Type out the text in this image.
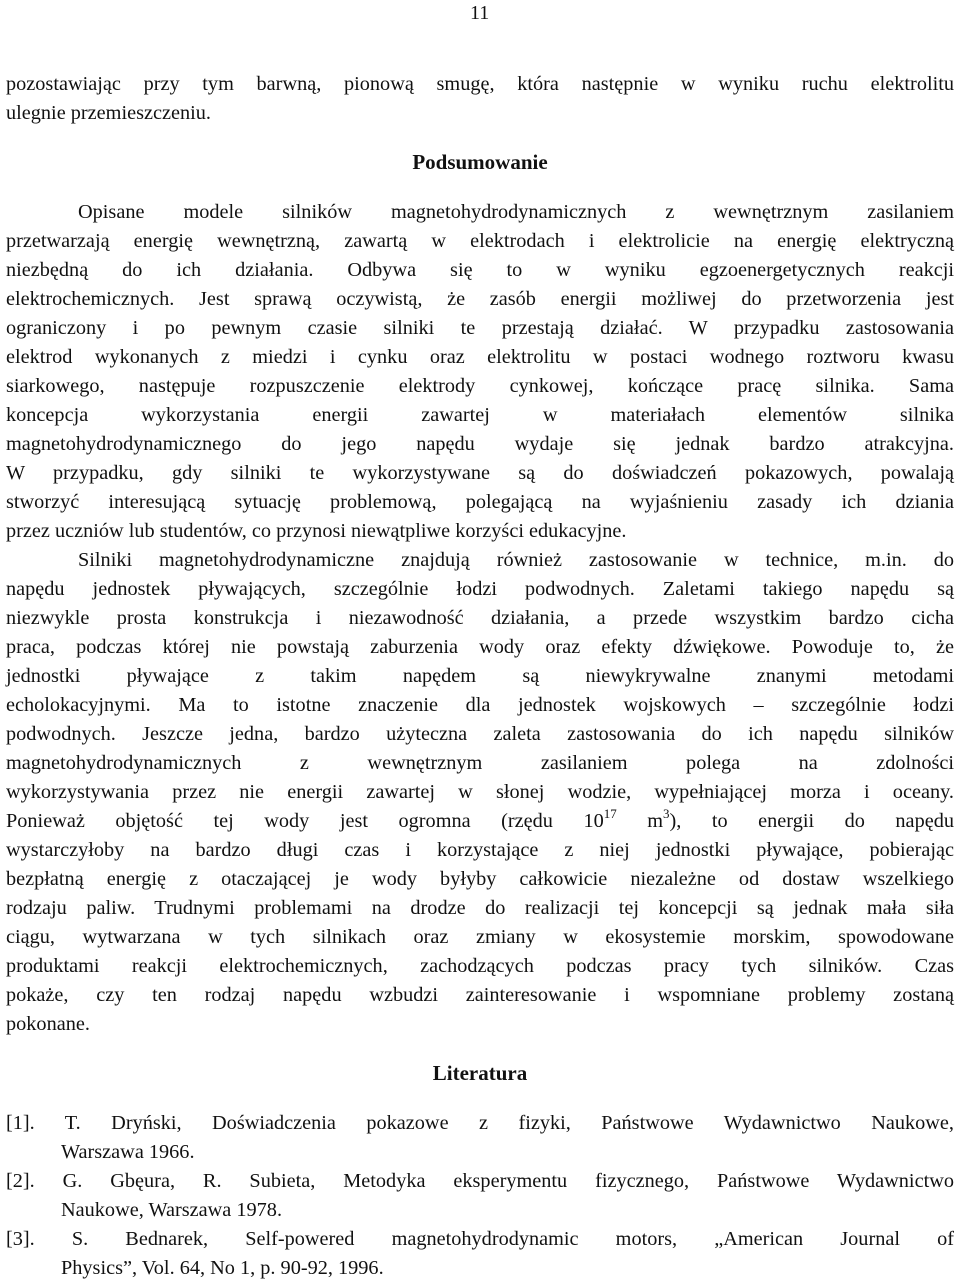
11
pozostawiając przy tym barwną, pionową smugę, która następnie w wyniku ruchu elektrolitu
ulegnie przemieszczeniu.
Podsumowanie
Opisane modele silników magnetohydrodynamicznych z wewnętrznym zasilaniem
przetwarzają energię wewnętrzną, zawartą w elektrodach i elektrolicie na energię elektryczną
niezbędną do ich działania. Odbywa się to w wyniku egzoenergetycznych reakcji
elektrochemicznych. Jest sprawą oczywistą, że zasób energii możliwej do przetworzenia jest
ograniczony i po pewnym czasie silniki te przestają działać. W przypadku zastosowania
elektrod wykonanych z miedzi i cynku oraz elektrolitu w postaci wodnego roztworu kwasu
siarkowego, następuje rozpuszczenie elektrody cynkowej, kończące pracę silnika. Sama
koncepcja wykorzystania energii zawartej w materiałach elementów silnika
magnetohydrodynamicznego do jego napędu wydaje się jednak bardzo atrakcyjna.
W przypadku, gdy silniki te wykorzystywane są do doświadczeń pokazowych, powalają
stworzyć interesującą sytuację problemową, polegającą na wyjaśnieniu zasady ich dziania
przez uczniów lub studentów, co przynosi niewątpliwe korzyści edukacyjne.
Silniki magnetohydrodynamiczne znajdują również zastosowanie w technice, m.in. do
napędu jednostek pływających, szczególnie łodzi podwodnych. Zaletami takiego napędu są
niezwykle prosta konstrukcja i niezawodność działania, a przede wszystkim bardzo cicha
praca, podczas której nie powstają zaburzenia wody oraz efekty dźwiękowe. Powoduje to, że
jednostki pływające z takim napędem są niewykrywalne znanymi metodami
echolokacyjnymi. Ma to istotne znaczenie dla jednostek wojskowych – szczególnie łodzi
podwodnych. Jeszcze jedna, bardzo użyteczna zaleta zastosowania do ich napędu silników
magnetohydrodynamicznych z wewnętrznym zasilaniem polega na zdolności
wykorzystywania przez nie energii zawartej w słonej wodzie, wypełniającej morza i oceany.
Ponieważ objętość tej wody jest ogromna (rzędu $10^{17}$ $m^3$), to energii do napędu
wystarczyłoby na bardzo długi czas i korzystające z niej jednostki pływające, pobierając
bezpłatną energię z otaczającej je wody byłyby całkowicie niezależne od dostaw wszelkiego
rodzaju paliw. Trudnymi problemami na drodze do realizacji tej koncepcji są jednak mała siła
ciągu, wytwarzana w tych silnikach oraz zmiany w ekosystemie morskim, spowodowane
produktami reakcji elektrochemicznych, zachodzących podczas pracy tych silników. Czas
pokaże, czy ten rodzaj napędu wzbudzi zainteresowanie i wspomniane problemy zostaną
pokonane.
Literatura
[1]. T. Dryński, Doświadczenia pokazowe z fizyki, Państwowe Wydawnictwo Naukowe,
Warszawa 1966.
[2]. G. Gbęura, R. Subieta, Metodyka eksperymentu fizycznego, Państwowe Wydawnictwo
Naukowe, Warszawa 1978.
[3]. S. Bednarek, Self-powered magnetohydrodynamic motors, „American Journal of
Physics”, Vol. 64, No 1, p. 90-92, 1996.
